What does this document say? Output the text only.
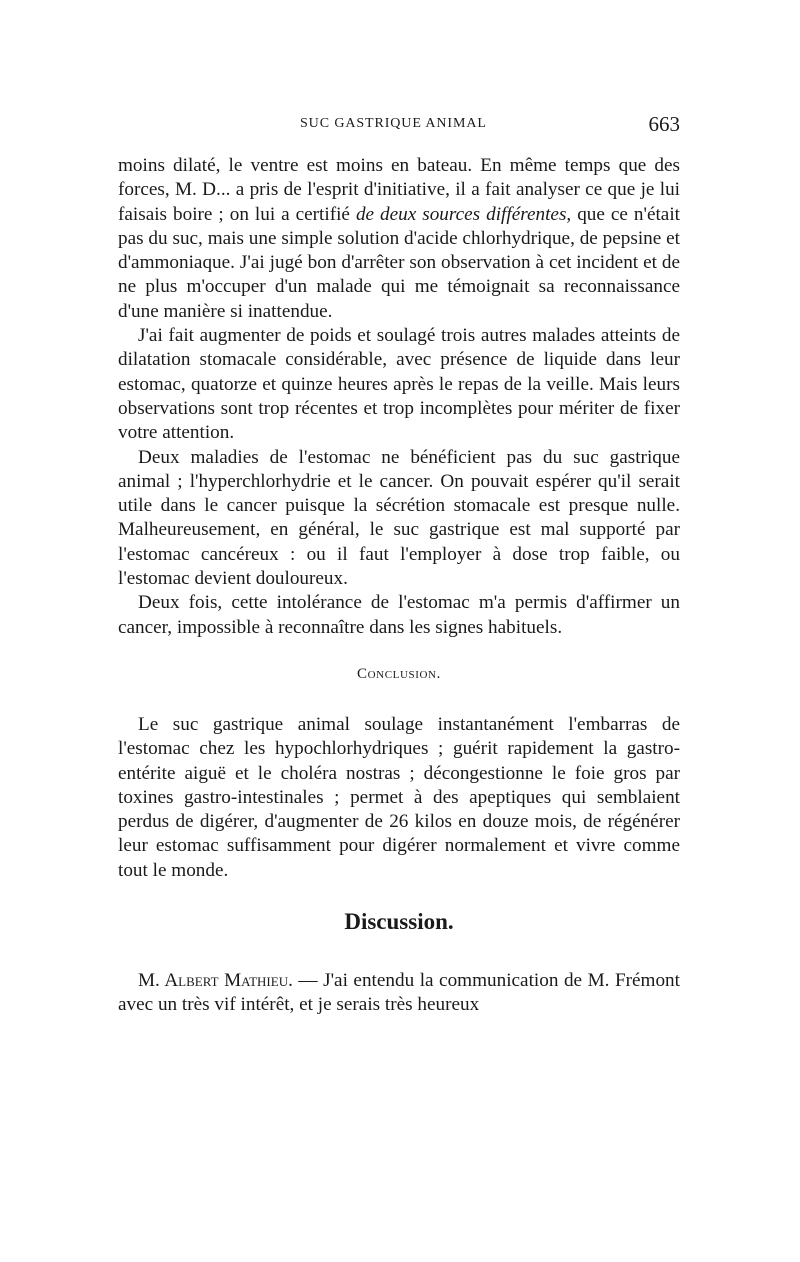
SUC GASTRIQUE ANIMAL	663

moins dilaté, le ventre est moins en bateau. En même temps que des forces, M. D... a pris de l'esprit d'initiative, il a fait analyser ce que je lui faisais boire ; on lui a certifié de deux sources différentes, que ce n'était pas du suc, mais une simple solution d'acide chlorhydrique, de pepsine et d'ammoniaque. J'ai jugé bon d'arrêter son observation à cet incident et de ne plus m'occuper d'un malade qui me témoignait sa reconnaissance d'une manière si inattendue.

J'ai fait augmenter de poids et soulagé trois autres malades atteints de dilatation stomacale considérable, avec présence de liquide dans leur estomac, quatorze et quinze heures après le repas de la veille. Mais leurs observations sont trop récentes et trop incomplètes pour mériter de fixer votre attention.

Deux maladies de l'estomac ne bénéficient pas du suc gastrique animal ; l'hyperchlorhydrie et le cancer. On pouvait espérer qu'il serait utile dans le cancer puisque la sécrétion stomacale est presque nulle. Malheureusement, en général, le suc gastrique est mal supporté par l'estomac cancéreux : ou il faut l'employer à dose trop faible, ou l'estomac devient douloureux.

Deux fois, cette intolérance de l'estomac m'a permis d'affirmer un cancer, impossible à reconnaître dans les signes habituels.

Conclusion.

Le suc gastrique animal soulage instantanément l'embarras de l'estomac chez les hypochlorhydriques ; guérit rapidement la gastro-entérite aiguë et le choléra nostras ; décongestionne le foie gros par toxines gastro-intestinales ; permet à des apeptiques qui semblaient perdus de digérer, d'augmenter de 26 kilos en douze mois, de régénérer leur estomac suffisamment pour digérer normalement et vivre comme tout le monde.

Discussion.

M. Albert Mathieu. — J'ai entendu la communication de M. Frémont avec un très vif intérêt, et je serais très heureux
